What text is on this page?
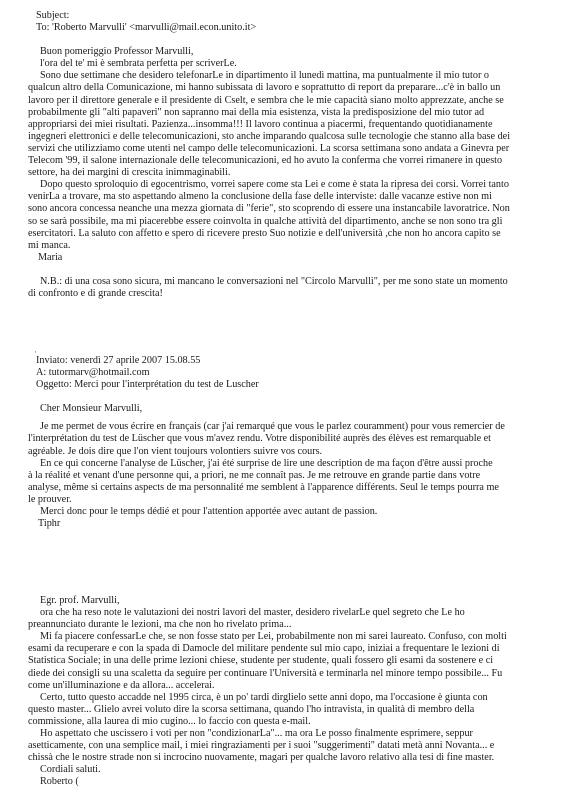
Subject:
To: 'Roberto Marvulli' <marvulli@mail.econ.unito.it>
Buon pomeriggio Professor Marvulli,
l'ora del te' mi è sembrata perfetta per scriverLe.
Sono due settimane che desidero telefonarLe in dipartimento il lunedì mattina, ma puntualmente il mio tutor o
qualcun altro della Comunicazione, mi hanno subissata di lavoro e soprattutto di report da preparare...c'è in ballo un
lavoro per il direttore generale e il presidente di Cselt, e sembra che le mie capacità siano molto apprezzate, anche se
probabilmente gli "alti papaveri" non sapranno mai della mia esistenza, vista la predisposizione del mio tutor ad
appropriarsi dei miei risultati. Pazienza...insomma!!! Il lavoro continua a piacermi, frequentando quotidianamente
ingegneri elettronici e delle telecomunicazioni, sto anche imparando qualcosa sulle tecnologie che stanno alla base dei
servizi che utilizziamo come utenti nel campo delle telecomunicazioni. La scorsa settimana sono andata a Ginevra per
Telecom '99, il salone internazionale delle telecomunicazioni, ed ho avuto la conferma che vorrei rimanere in questo
settore, ha dei margini di crescita inimmaginabili.
Dopo questo sproloquio di egocentrismo, vorrei sapere come sta Lei e come è stata la ripresa dei corsi. Vorrei tanto
venirLa a trovare, ma sto aspettando almeno la conclusione della fase delle interviste: dalle vacanze estive non mi
sono ancora concessa neanche una mezza giornata di "ferie", sto scoprendo di essere una instancabile lavoratrice. Non
so se sarà possibile, ma mi piacerebbe essere coinvolta in qualche attività del dipartimento, anche se non sono tra gli
esercitatori. La saluto con affetto e spero di ricevere presto Suo notizie e dell'università ,che non ho ancora capito se
mi manca.
Maria
N.B.: di una cosa sono sicura, mi mancano le conversazioni nel "Circolo Marvulli", per me sono state un momento
di confronto e di grande crescita!
·
Inviato: venerdì 27 aprile 2007 15.08.55
A: tutormarv@hotmail.com
Oggetto: Merci pour l'interprétation du test de Luscher
Cher Monsieur Marvulli,
Je me permet de vous écrire en français (car j'ai remarqué que vous le parlez couramment) pour vous remercier de
l'interprétation du test de Lüscher que vous m'avez rendu. Votre disponibilité auprès des élèves est remarquable et
agréable. Je dois dire que l'on vient toujours volontiers suivre vos cours.
En ce qui concerne l'analyse de Lüscher, j'ai été surprise de lire une description de ma façon d'être aussi proche
à la réalité et venant d'une personne qui, a priori, ne me connaît pas. Je me retrouve en grande partie dans votre
analyse, même si certains aspects de ma personnalité me semblent à l'apparence différents. Seul le temps pourra me
le prouver.
Merci donc pour le temps dédié et pour l'attention apportée avec autant de passion.
Tiphr
Egr. prof. Marvulli,
ora che ha reso note le valutazioni dei nostri lavori del master, desidero rivelarLe quel segreto che Le ho
preannunciato durante le lezioni, ma che non ho rivelato prima...
Mi fa piacere confessarLe che, se non fosse stato per Lei, probabilmente non mi sarei laureato. Confuso, con molti
esami da recuperare e con la spada di Damocle del militare pendente sul mio capo, iniziai a frequentare le lezioni di
Statistica Sociale; in una delle prime lezioni chiese, studente per studente, quali fossero gli esami da sostenere e ci
diede dei consigli su una scaletta da seguire per continuare l'Università e terminarla nel minore tempo possibile... Fu
come un'illuminazione e da allora... accelerai.
Certo, tutto questo accadde nel 1995 circa, è un po' tardi dirglielo sette anni dopo, ma l'occasione è giunta con
questo master... Glielo avrei voluto dire la scorsa settimana, quando l'ho intravista, in qualità di membro della
commissione, alla laurea di mio cugino... lo faccio con questa e-mail.
Ho aspettato che uscissero i voti per non "condizionarLa"... ma ora Le posso finalmente esprimere, seppur
asetticamente, con una semplice mail, i miei ringraziamenti per i suoi "suggerimenti" datati metà anni Novanta... e
chissà che le nostre strade non si incrocino nuovamente, magari per qualche lavoro relativo alla tesi di fine master.
Cordiali saluti.
Roberto (
